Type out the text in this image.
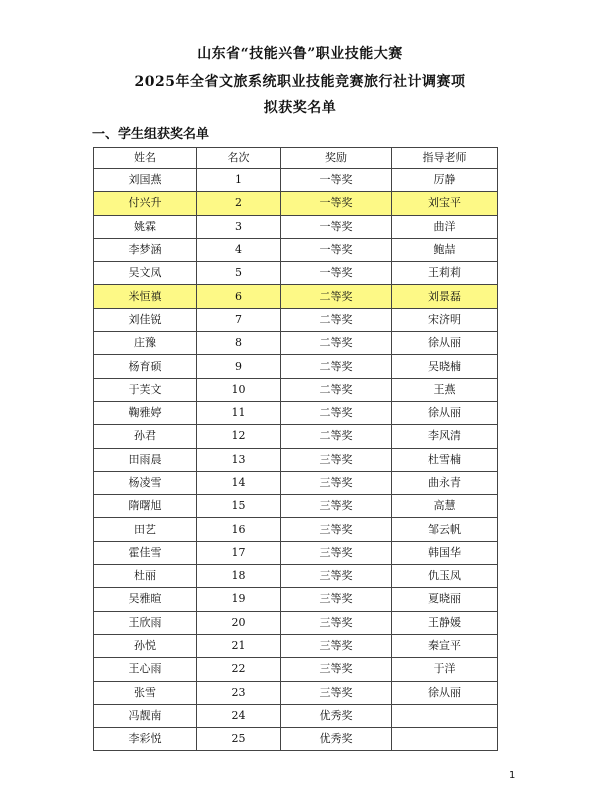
山东省“技能兴鲁”职业技能大赛
2025年全省文旅系统职业技能竞赛旅行社计调赛项
拟获奖名单
一、学生组获奖名单
姓名	名次	奖励	指导老师
刘国燕	1	一等奖	厉静
付兴升	2	一等奖	刘宝平
姚霖	3	一等奖	曲洋
李梦涵	4	一等奖	鲍喆
吴文凤	5	一等奖	王莉莉
米恒禛	6	二等奖	刘景磊
刘佳锐	7	二等奖	宋济明
庄豫	8	二等奖	徐从丽
杨育硕	9	二等奖	吴晓楠
于芙文	10	二等奖	王燕
鞠雅婷	11	二等奖	徐从丽
孙君	12	二等奖	李风清
田雨晨	13	三等奖	杜雪楠
杨凌雪	14	三等奖	曲永青
隋曙旭	15	三等奖	高慧
田艺	16	三等奖	邹云帆
霍佳雪	17	三等奖	韩国华
杜丽	18	三等奖	仇玉凤
吴雅暄	19	三等奖	夏晓丽
王欣雨	20	三等奖	王静媛
孙悦	21	三等奖	秦宣平
王心雨	22	三等奖	于洋
张雪	23	三等奖	徐从丽
冯靓南	24	优秀奖	
李彩悦	25	优秀奖	
1
